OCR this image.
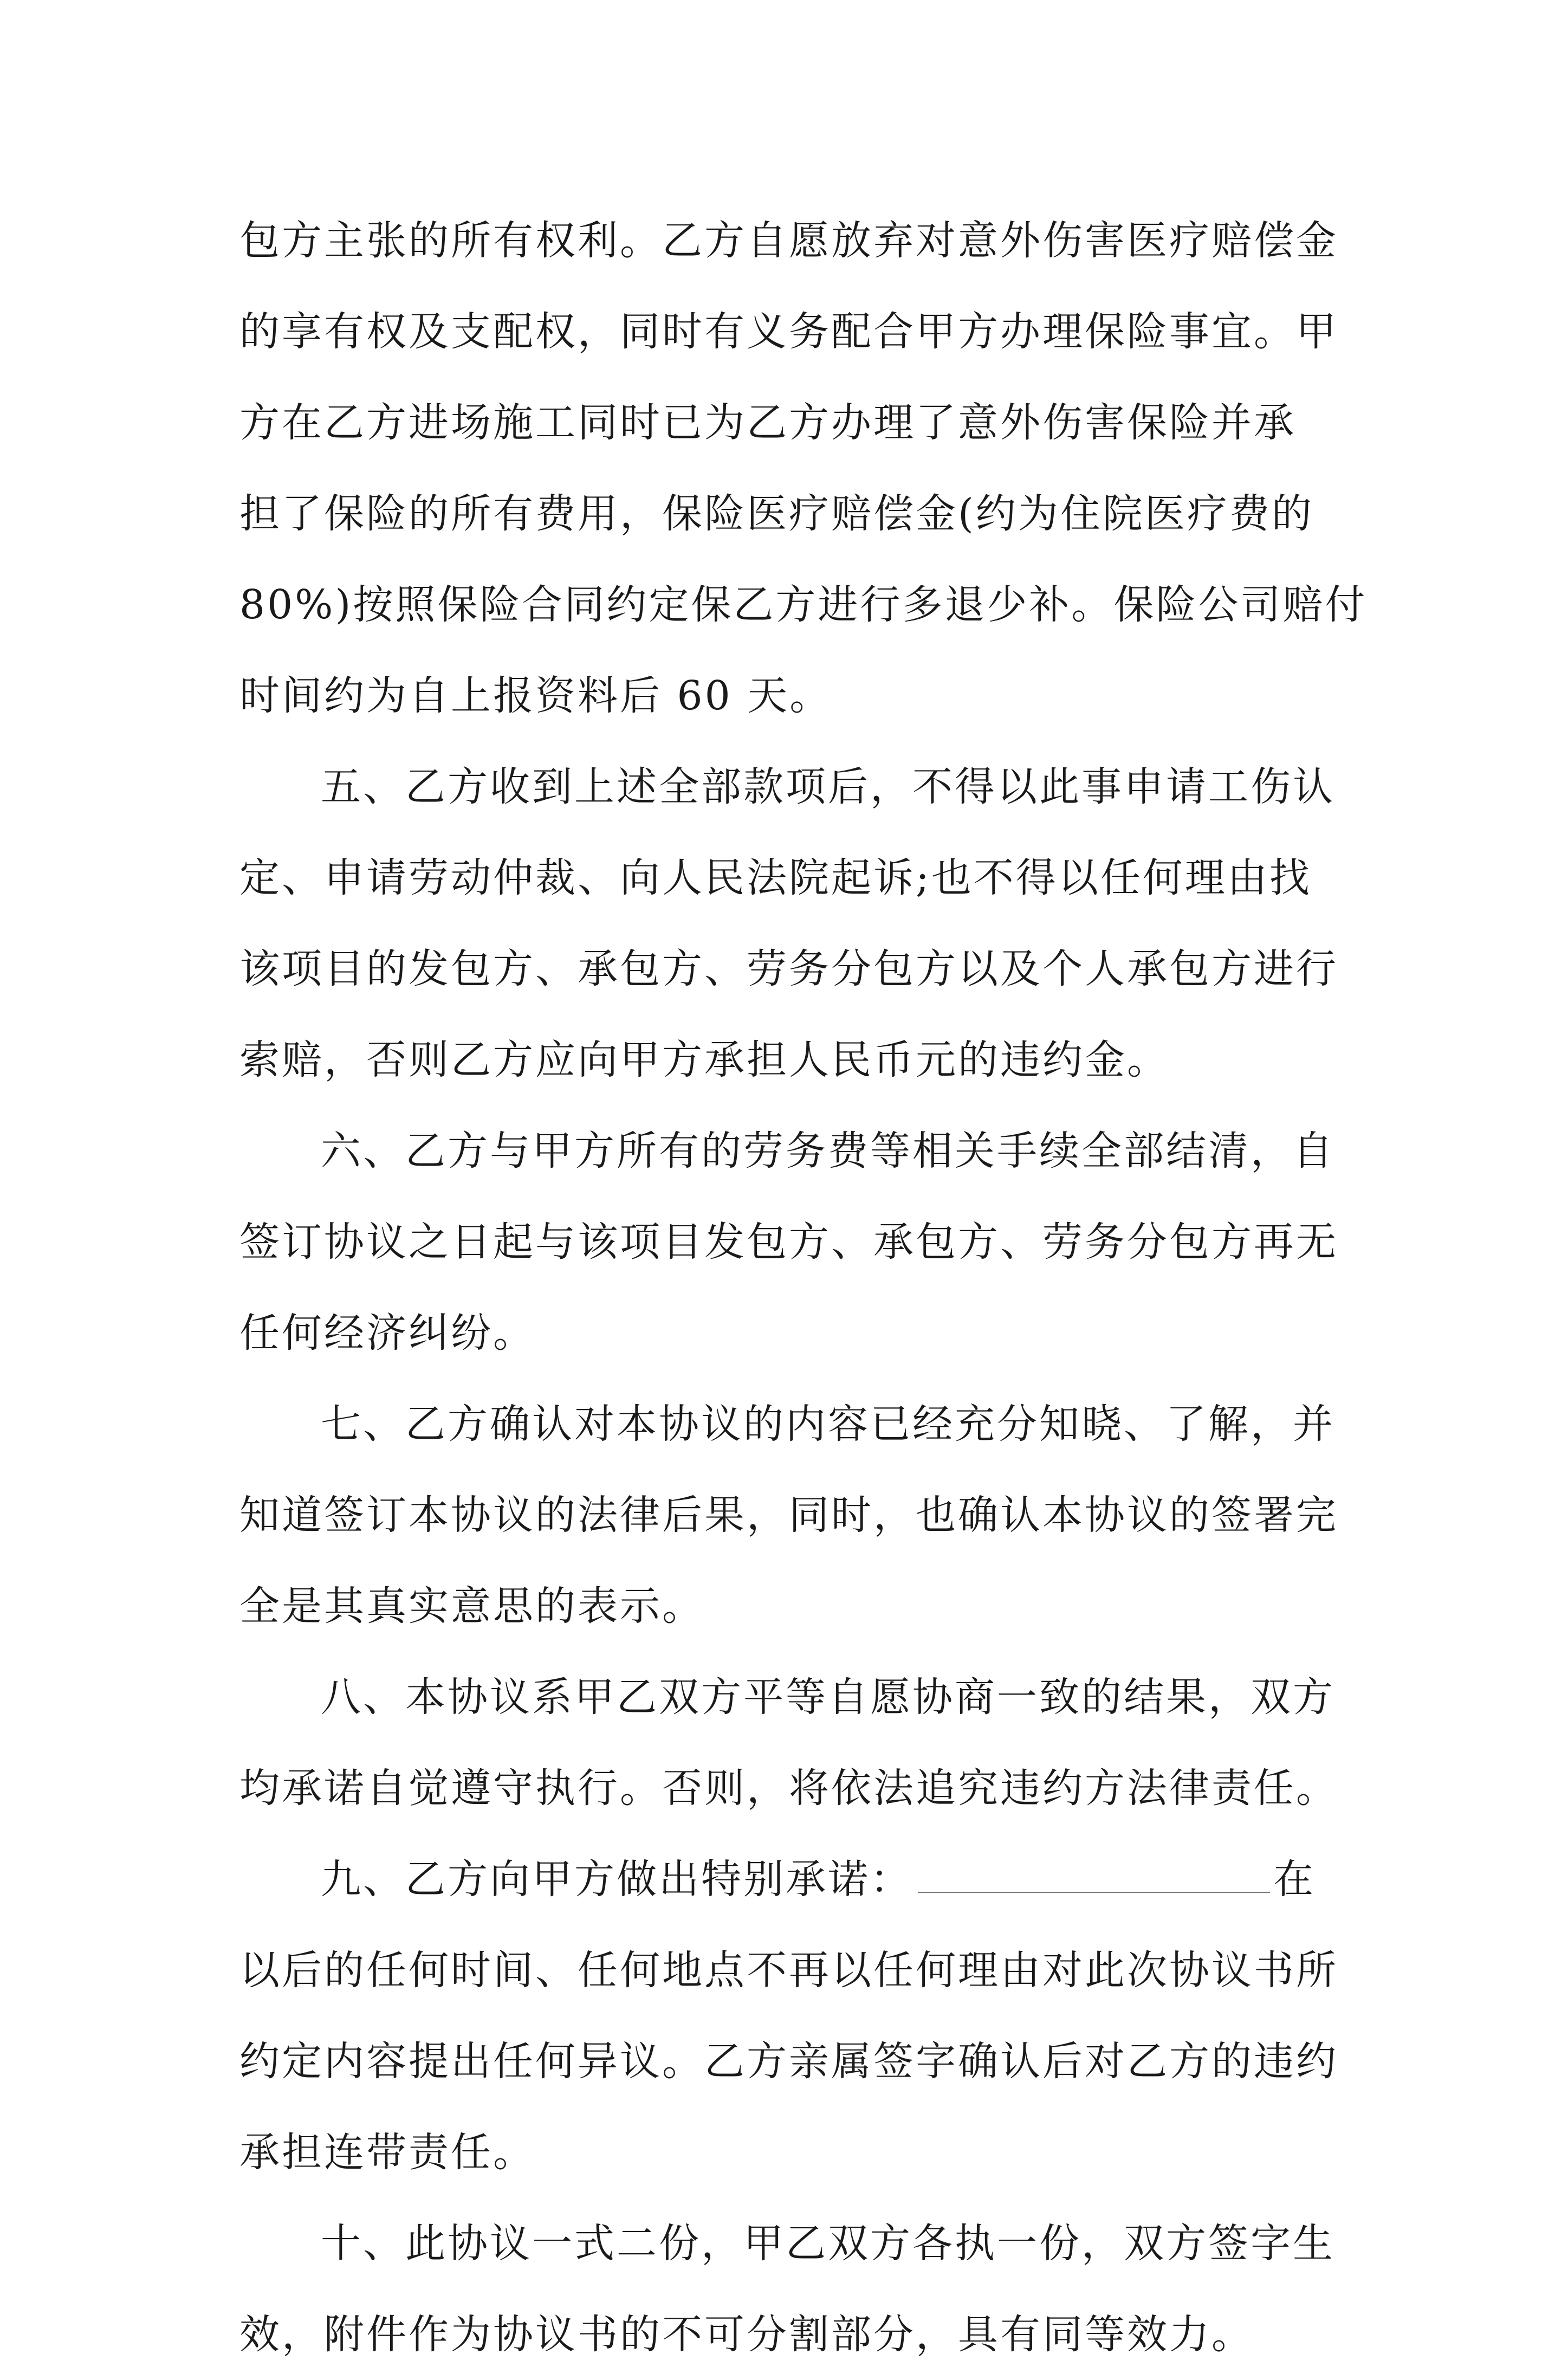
包方主张的所有权利。乙方自愿放弃对意外伤害医疗赔偿金
的享有权及支配权，同时有义务配合甲方办理保险事宜。甲
方在乙方进场施工同时已为乙方办理了意外伤害保险并承
担了保险的所有费用，保险医疗赔偿金(约为住院医疗费的
80%)按照保险合同约定保乙方进行多退少补。保险公司赔付
时间约为自上报资料后 60 天。

五、乙方收到上述全部款项后，不得以此事申请工伤认
定、申请劳动仲裁、向人民法院起诉;也不得以任何理由找
该项目的发包方、承包方、劳务分包方以及个人承包方进行
索赔，否则乙方应向甲方承担人民币元的违约金。

六、乙方与甲方所有的劳务费等相关手续全部结清，自
签订协议之日起与该项目发包方、承包方、劳务分包方再无
任何经济纠纷。

七、乙方确认对本协议的内容已经充分知晓、了解，并
知道签订本协议的法律后果，同时，也确认本协议的签署完
全是其真实意思的表示。

八、本协议系甲乙双方平等自愿协商一致的结果，双方
均承诺自觉遵守执行。否则，将依法追究违约方法律责任。

九、乙方向甲方做出特别承诺：	在
以后的任何时间、任何地点不再以任何理由对此次协议书所
约定内容提出任何异议。乙方亲属签字确认后对乙方的违约
承担连带责任。

十、此协议一式二份，甲乙双方各执一份，双方签字生
效，附件作为协议书的不可分割部分，具有同等效力。
